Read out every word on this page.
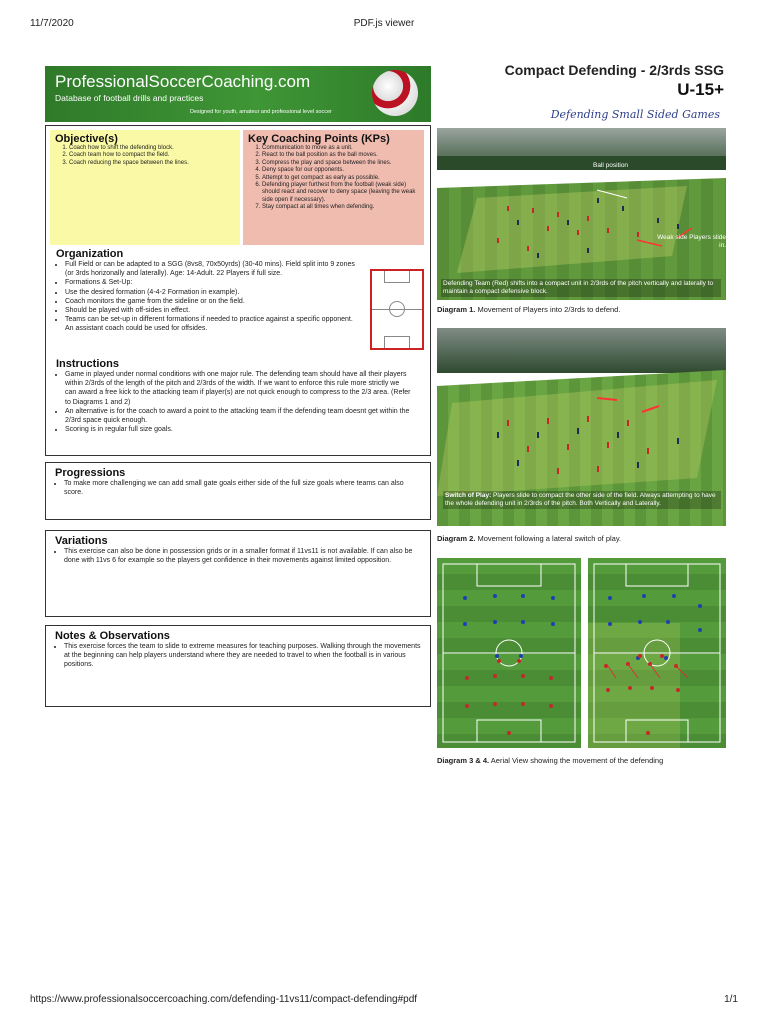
11/7/2020	PDF.js viewer
https://www.professionalsoccercoaching.com/defending-11vs11/compact-defending#pdf	1/1
ProfessionalSoccerCoaching.com
Database of football drills and practices
Designed for youth, amateur and professional level soccer
Compact Defending - 2/3rds SSG
U-15+
Defending Small Sided Games
Objective(s)
1. Coach how to shift the defending block.
2. Coach team how to compact the field.
3. Coach reducing the space between the lines.
Key Coaching Points (KPs)
1. Communication to move as a unit.
2. React to the ball position as the ball moves.
3. Compress the play and space between the lines.
4. Deny space for our opponents.
5. Attempt to get compact as early as possible.
6. Defending player furthest from the football (weak side) should react and recover to deny space (leaving the weak side open if necessary).
7. Stay compact at all times when defending.
Organization
• Full Field or can be adapted to a SGG (8vs8, 70x50yrds) (30-40 mins). Field split into 9 zones (or 3rds horizonally and laterally). Age: 14-Adult. 22 Players if full size.
• Formations & Set-Up:
• Use the desired formation (4-4-2 Formation in example).
• Coach monitors the game from the sideline or on the field.
• Should be played with off-sides in effect.
• Teams can be set-up in different formations if needed to practice against a specific opponent. An assistant coach could be used for offsides.
Instructions
• Game in played under normal conditions with one major rule. The defending team should have all their players within 2/3rds of the length of the pitch and 2/3rds of the width. If we want to enforce this rule more strictly we can award a free kick to the attacking team if player(s) are not quick enough to compress to the 2/3 area. (Refer to Diagrams 1 and 2)
• An alternative is for the coach to award a point to the attacking team if the defending team doesnt get within the 2/3rd space quick enough.
• Scoring is in regular full size goals.
Progressions
• To make more challenging we can add small gate goals either side of the full size goals where teams can also score.
Variations
• This exercise can also be done in possession grids or in a smaller format if 11vs11 is not available. If can also be done with 11vs 6 for example so the players get confidence in their movements against limited opposition.
Notes & Observations
• This exercise forces the team to slide to extreme measures for teaching purposes. Walking through the movements at the beginning can help players understand where they are needed to travel to when the football is in various positions.
Ball position
Weak side Players slide in.
Defending Team (Red) shifts into a compact unit in 2/3rds of the pitch vertically and laterally to maintain a compact defensive block.
Diagram 1. Movement of Players into 2/3rds to defend.
Switch of Play: Players slide to compact the other side of the field. Always attempting to have the whole defending unit in 2/3rds of the pitch. Both Vertically and Laterally.
Diagram 2. Movement following a lateral switch of play.
Diagram 3 & 4. Aerial View showing the movement of the defending
